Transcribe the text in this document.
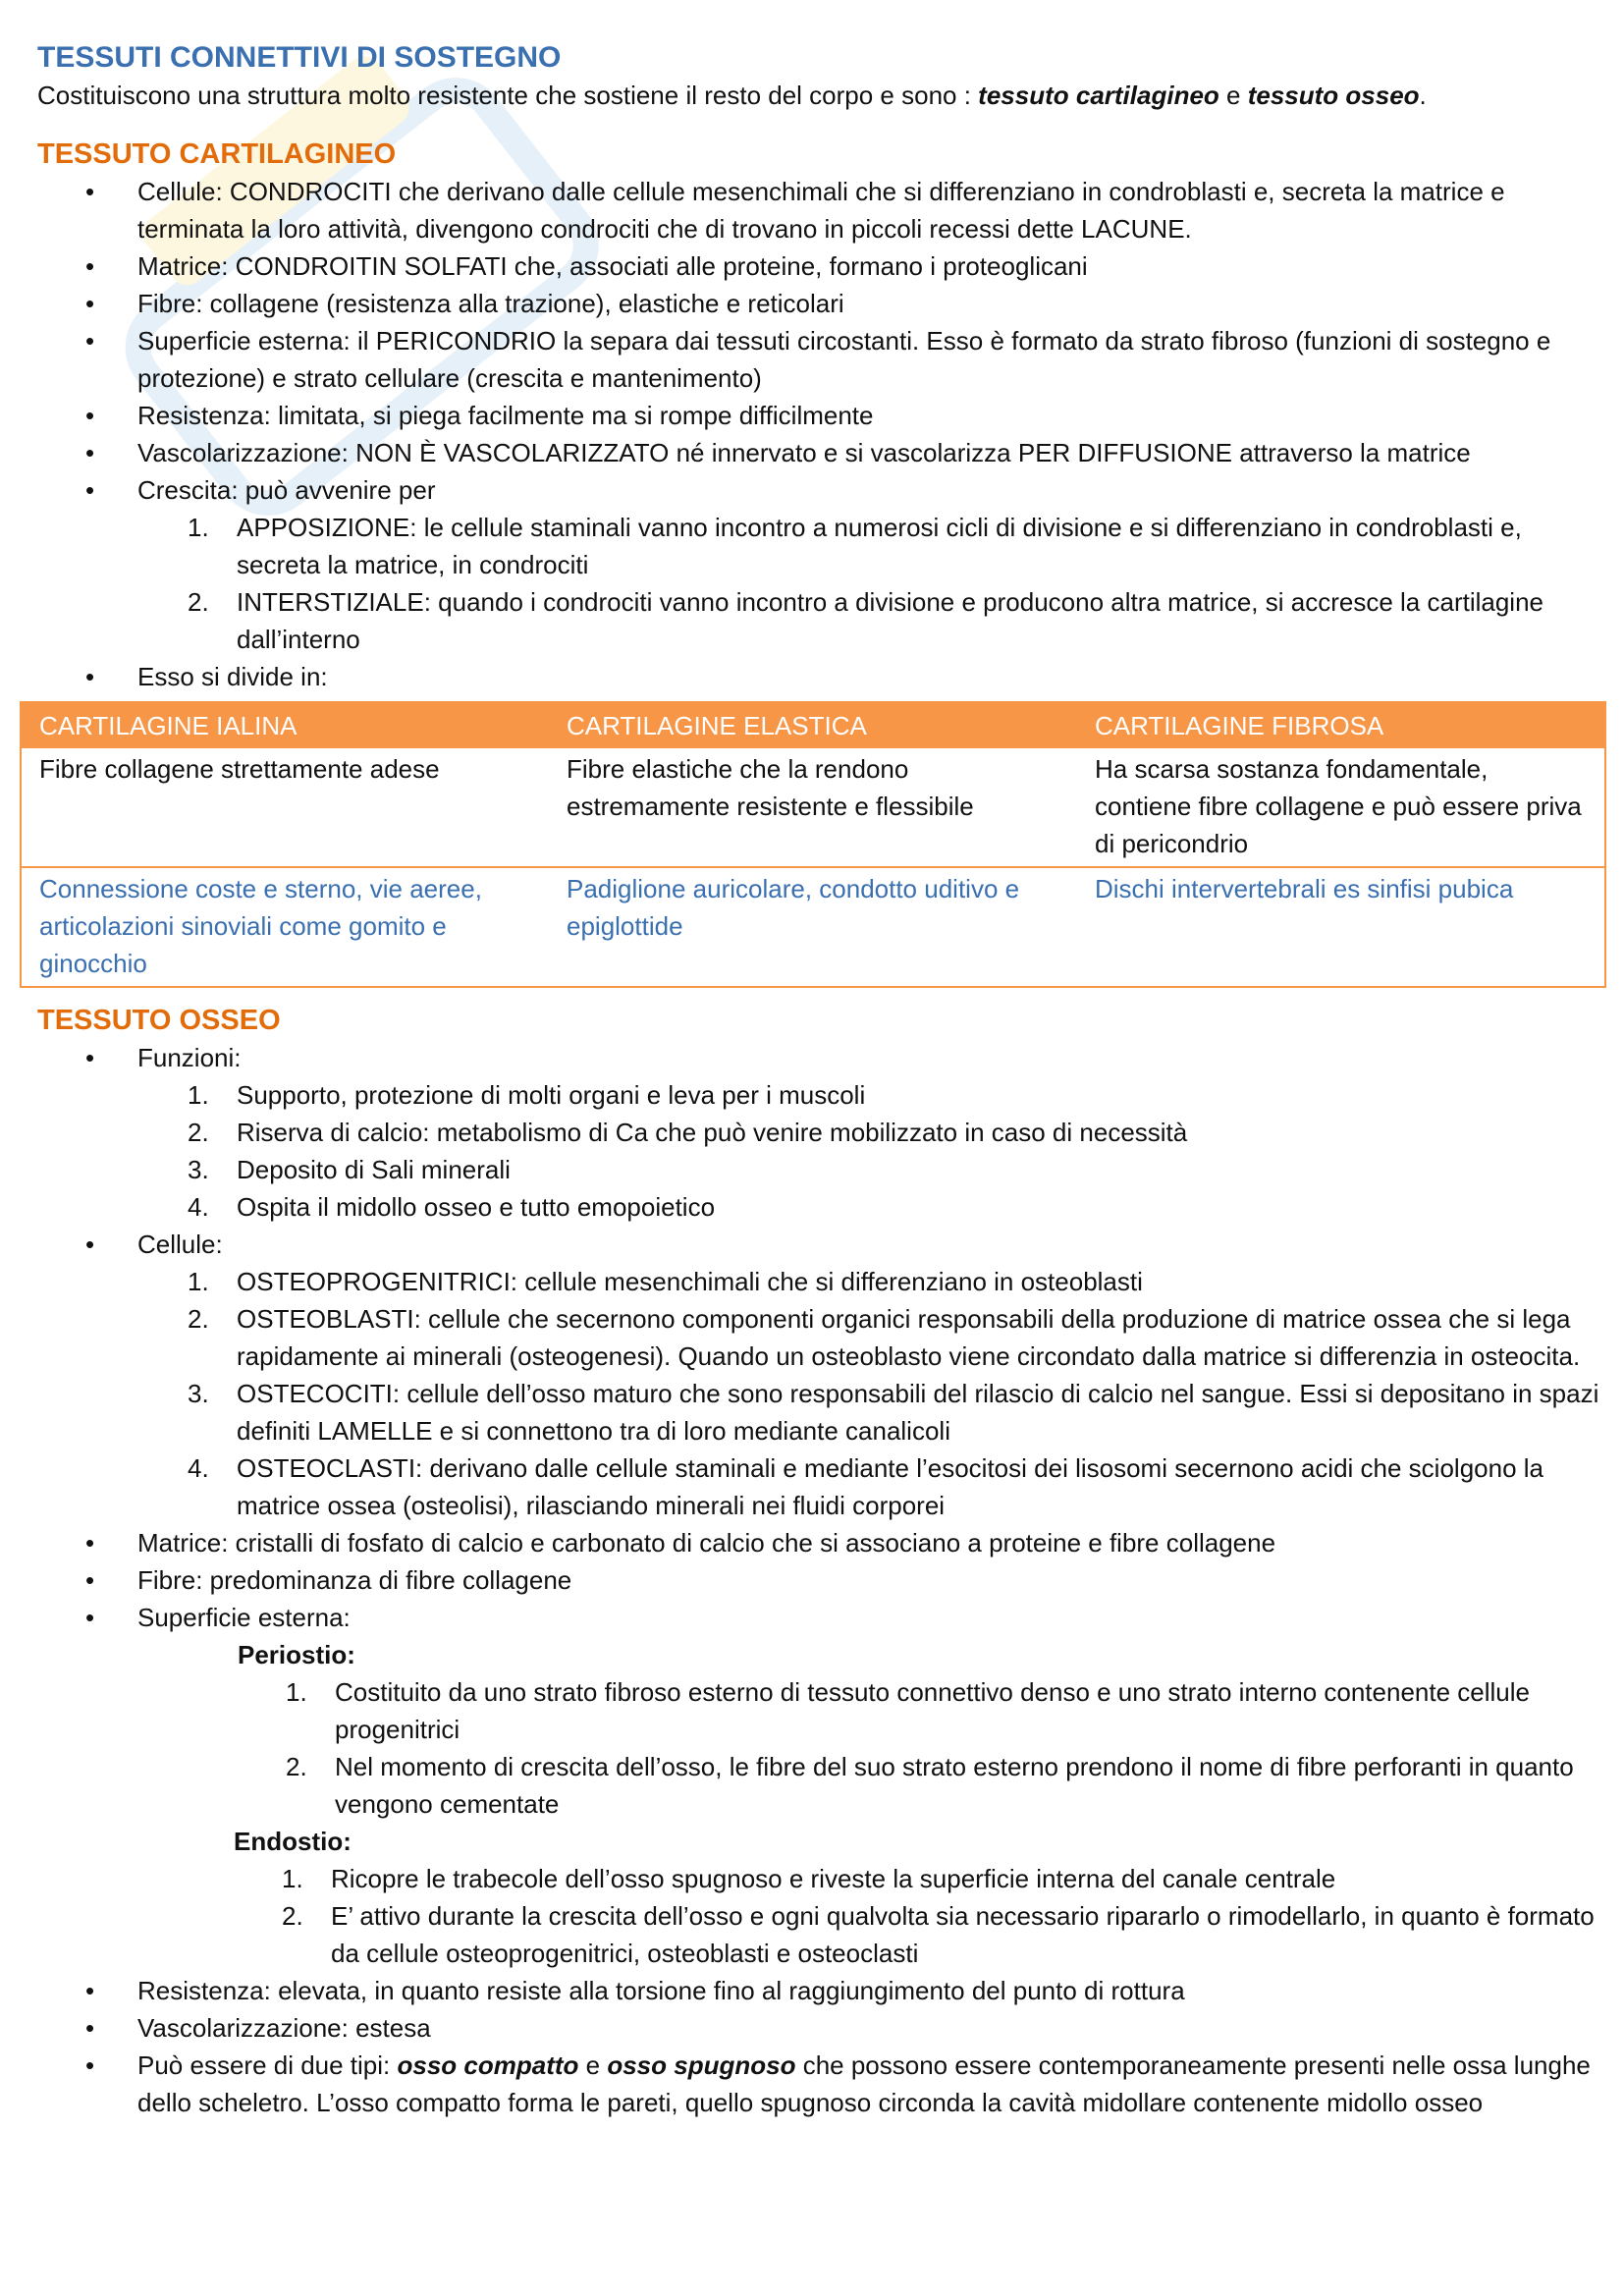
TESSUTI CONNETTIVI DI SOSTEGNO

Costituiscono una struttura molto resistente che sostiene il resto del corpo e sono : tessuto cartilagineo e tessuto osseo.

TESSUTO CARTILAGINEO
• Cellule: CONDROCITI che derivano dalle cellule mesenchimali che si differenziano in condroblasti e, secreta la matrice e terminata la loro attività, divengono condrociti che di trovano in piccoli recessi dette LACUNE.
• Matrice: CONDROITIN SOLFATI che, associati alle proteine, formano i proteoglicani
• Fibre: collagene (resistenza alla trazione), elastiche e reticolari
• Superficie esterna: il PERICONDRIO la separa dai tessuti circostanti. Esso è formato da strato fibroso (funzioni di sostegno e protezione) e strato cellulare (crescita e mantenimento)
• Resistenza: limitata, si piega facilmente ma si rompe difficilmente
• Vascolarizzazione: NON È VASCOLARIZZATO né innervato e si vascolarizza PER DIFFUSIONE attraverso la matrice
• Crescita: può avvenire per
1. APPOSIZIONE: le cellule staminali vanno incontro a numerosi cicli di divisione e si differenziano in condroblasti e, secreta la matrice, in condrociti
2. INTERSTIZIALE: quando i condrociti vanno incontro a divisione e producono altra matrice, si accresce la cartilagine dall’interno
• Esso si divide in:
CARTILAGINE IALINA	CARTILAGINE ELASTICA	CARTILAGINE FIBROSA
Fibre collagene strettamente adese	Fibre elastiche che la rendono estremamente resistente e flessibile	Ha scarsa sostanza fondamentale, contiene fibre collagene e può essere priva di pericondrio
Connessione coste e sterno, vie aeree, articolazioni sinoviali come gomito e ginocchio	Padiglione auricolare, condotto uditivo e epiglottide	Dischi intervertebrali es sinfisi pubica
TESSUTO OSSEO
• Funzioni:
1. Supporto, protezione di molti organi e leva per i muscoli
2. Riserva di calcio: metabolismo di Ca che può venire mobilizzato in caso di necessità
3. Deposito di Sali minerali
4. Ospita il midollo osseo e tutto emopoietico
• Cellule:
1. OSTEOPROGENITRICI: cellule mesenchimali che si differenziano in osteoblasti
2. OSTEOBLASTI: cellule che secernono componenti organici responsabili della produzione di matrice ossea che si lega rapidamente ai minerali (osteogenesi). Quando un osteoblasto viene circondato dalla matrice si differenzia in osteocita.
3. OSTECOCITI: cellule dell’osso maturo che sono responsabili del rilascio di calcio nel sangue. Essi si depositano in spazi definiti LAMELLE e si connettono tra di loro mediante canalicoli
4. OSTEOCLASTI: derivano dalle cellule staminali e mediante l’esocitosi dei lisosomi secernono acidi che sciolgono la matrice ossea (osteolisi), rilasciando minerali nei fluidi corporei
• Matrice: cristalli di fosfato di calcio e carbonato di calcio che si associano a proteine e fibre collagene
• Fibre: predominanza di fibre collagene
• Superficie esterna:
Periostio:
1. Costituito da uno strato fibroso esterno di tessuto connettivo denso e uno strato interno contenente cellule progenitrici
2. Nel momento di crescita dell’osso, le fibre del suo strato esterno prendono il nome di fibre perforanti in quanto vengono cementate
Endostio:
1. Ricopre le trabecole dell’osso spugnoso e riveste la superficie interna del canale centrale
2. E’ attivo durante la crescita dell’osso e ogni qualvolta sia necessario ripararlo o rimodellarlo, in quanto è formato da cellule osteoprogenitrici, osteoblasti e osteoclasti
• Resistenza: elevata, in quanto resiste alla torsione fino al raggiungimento del punto di rottura
• Vascolarizzazione: estesa
• Può essere di due tipi: osso compatto e osso spugnoso che possono essere contemporaneamente presenti nelle ossa lunghe dello scheletro. L’osso compatto forma le pareti, quello spugnoso circonda la cavità midollare contenente midollo osseo
